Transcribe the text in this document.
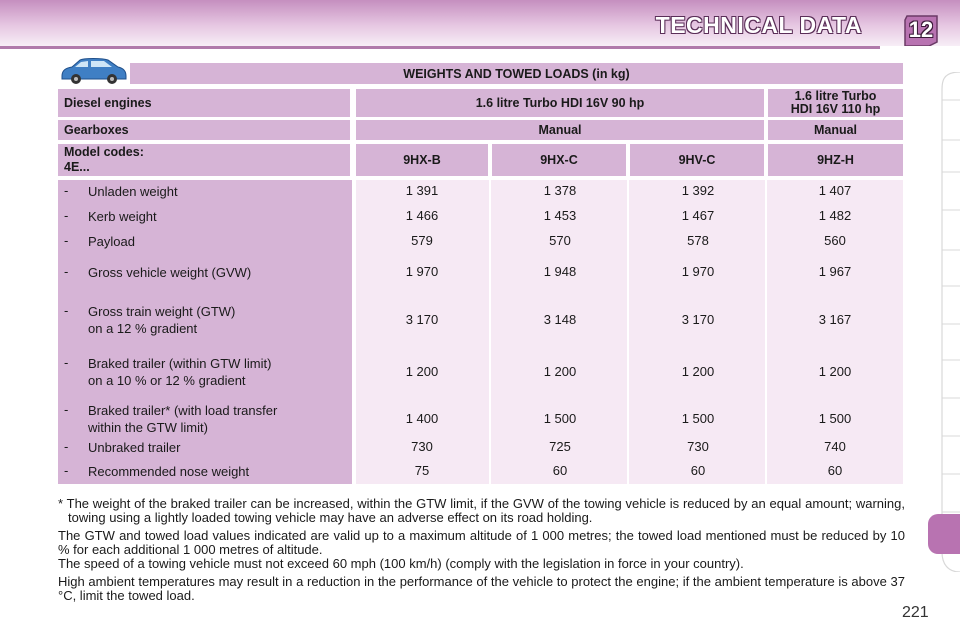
TECHNICAL DATA 12
WEIGHTS AND TOWED LOADS (in kg)
Diesel engines	1.6 litre Turbo HDI 16V 90 hp	1.6 litre Turbo
HDI 16V 110 hp
Gearboxes	Manual	Manual
Model codes:
4E...	9HX-B	9HX-C	9HV-C	9HZ-H
- Unladen weight	1 391	1 378	1 392	1 407
- Kerb weight	1 466	1 453	1 467	1 482
- Payload	579	570	578	560
- Gross vehicle weight (GVW)	1 970	1 948	1 970	1 967
- Gross train weight (GTW)
on a 12 % gradient
3 170	3 148	3 170	3 167
- Braked trailer (within GTW limit)
on a 10 % or 12 % gradient
1 200	1 200	1 200	1 200
- Braked trailer* (with load transfer
within the GTW limit)
1 400	1 500	1 500	1 500
- Unbraked trailer	730	725	730	740
- Recommended nose weight	75	60	60	60
* The weight of the braked trailer can be increased, within the GTW limit, if the GVW of the towing vehicle is reduced by an equal amount; warning, towing using a lightly loaded towing vehicle may have an adverse effect on its road holding.
The GTW and towed load values indicated are valid up to a maximum altitude of 1 000 metres; the towed load mentioned must be reduced by 10 % for each additional 1 000 metres of altitude.
The speed of a towing vehicle must not exceed 60 mph (100 km/h) (comply with the legislation in force in your country).
High ambient temperatures may result in a reduction in the performance of the vehicle to protect the engine; if the ambient temperature is above 37 °C, limit the towed load.
221
